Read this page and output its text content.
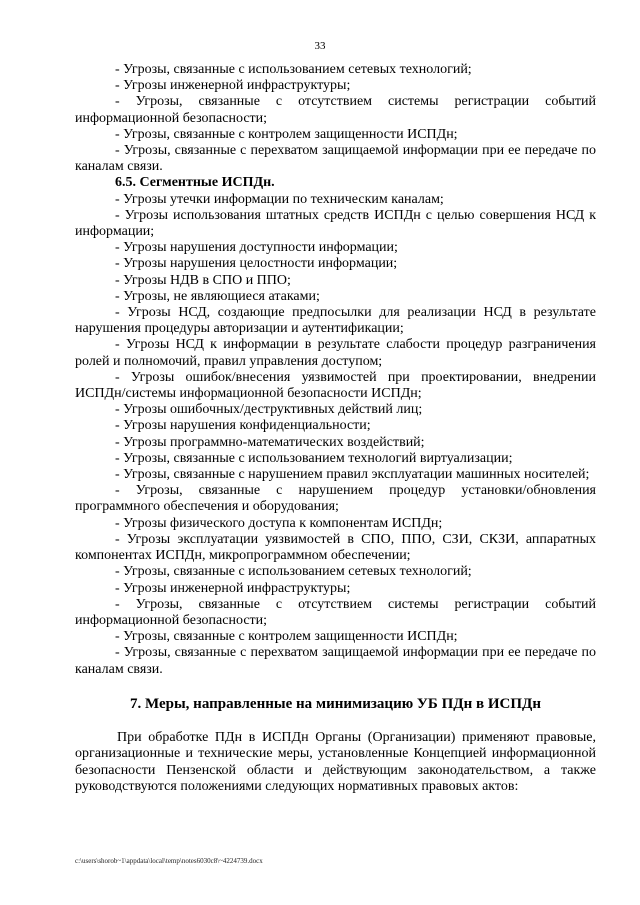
33

- Угрозы, связанные с использованием сетевых технологий;

- Угрозы инженерной инфраструктуры;

- Угрозы, связанные с отсутствием системы регистрации событий информационной безопасности;

- Угрозы, связанные с контролем защищенности ИСПДн;

- Угрозы, связанные с перехватом защищаемой информации при ее передаче по каналам связи.

6.5. Сегментные ИСПДн.

- Угрозы утечки информации по техническим каналам;

- Угрозы использования штатных средств ИСПДн с целью совершения НСД к информации;

- Угрозы нарушения доступности информации;

- Угрозы нарушения целостности информации;

- Угрозы НДВ в СПО и ППО;

- Угрозы, не являющиеся атаками;

- Угрозы НСД, создающие предпосылки для реализации НСД в результате нарушения процедуры авторизации и аутентификации;

- Угрозы НСД к информации в результате слабости процедур разграничения ролей и полномочий, правил управления доступом;

- Угрозы ошибок/внесения уязвимостей при проектировании, внедрении ИСПДн/системы информационной безопасности ИСПДн;

- Угрозы ошибочных/деструктивных действий лиц;

- Угрозы нарушения конфиденциальности;

- Угрозы программно-математических воздействий;

- Угрозы, связанные с использованием технологий виртуализации;

- Угрозы, связанные с нарушением правил эксплуатации машинных носителей;

- Угрозы, связанные с нарушением процедур установки/обновления программного обеспечения и оборудования;

- Угрозы физического доступа к компонентам ИСПДн;

- Угрозы эксплуатации уязвимостей в СПО, ППО, СЗИ, СКЗИ, аппаратных компонентах ИСПДн, микропрограммном обеспечении;

- Угрозы, связанные с использованием сетевых технологий;

- Угрозы инженерной инфраструктуры;

- Угрозы, связанные с отсутствием системы регистрации событий информационной безопасности;

- Угрозы, связанные с контролем защищенности ИСПДн;

- Угрозы, связанные с перехватом защищаемой информации при ее передаче по каналам связи.

7. Меры, направленные на минимизацию УБ ПДн в ИСПДн

При обработке ПДн в ИСПДн Органы (Организации) применяют правовые, организационные и технические меры, установленные Концепцией информационной безопасности Пензенской области и действующим законодательством, а также руководствуются положениями следующих нормативных правовых актов:

c:\users\shorob~1\appdata\local\temp\notes6030c8\~4224739.docx
